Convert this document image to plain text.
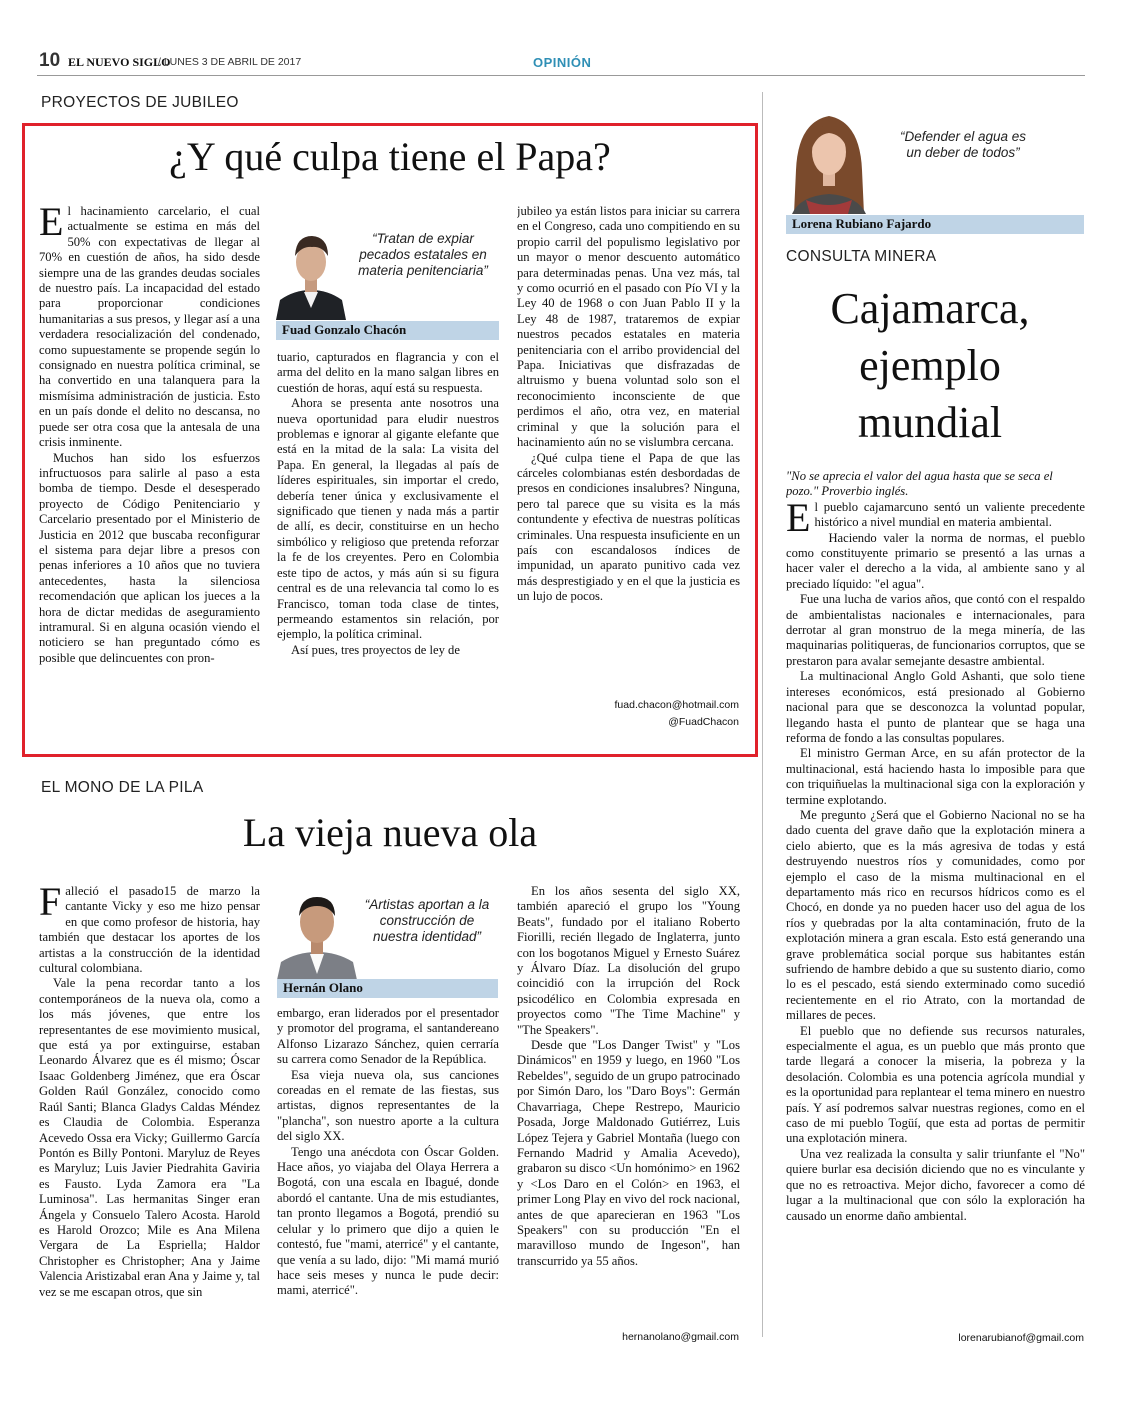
10 EL NUEVO SIGLO
/ LUNES 3 DE ABRIL DE 2017	OPINIÓN
PROYECTOS DE JUBILEO
¿Y qué culpa tiene el Papa?
E l hacinamiento carcelario, el cual actualmente se estima en más del 50% con expectativas de llegar al 70% en cuestión de años, ha sido desde siempre una de las grandes deudas sociales de nuestro país. La incapacidad del estado para proporcionar condiciones humanitarias a sus presos, y llegar así a una verdadera resocialización del condenado, como supuestamente se propende según lo consignado en nuestra política criminal, se ha convertido en una talanquera para la mismísima administración de justicia. Esto en un país donde el delito no descansa, no puede ser otra cosa que la antesala de una crisis inminente.

Muchos han sido los esfuerzos infructuosos para salirle al paso a esta bomba de tiempo. Desde el desesperado proyecto de Código Penitenciario y Carcelario presentado por el Ministerio de Justicia en 2012 que buscaba reconfigurar el sistema para dejar libre a presos con penas inferiores a 10 años que no tuviera antecedentes, hasta la silenciosa recomendación que aplican los jueces a la hora de dictar medidas de aseguramiento intramural. Si en alguna ocasión viendo el noticiero se han preguntado cómo es posible que delincuentes con pron-

“Tratan de expiar pecados estatales en materia penitenciaria”
Fuad Gonzalo Chacón

tuario, capturados en flagrancia y con el arma del delito en la mano salgan libres en cuestión de horas, aquí está su respuesta.

Ahora se presenta ante nosotros una nueva oportunidad para eludir nuestros problemas e ignorar al gigante elefante que está en la mitad de la sala: La visita del Papa. En general, la llegadas al país de líderes espirituales, sin importar el credo, debería tener única y exclusivamente el significado que tienen y nada más a partir de allí, es decir, constituirse en un hecho simbólico y religioso que pretenda reforzar la fe de los creyentes. Pero en Colombia este tipo de actos, y más aún si su figura central es de una relevancia tal como lo es Francisco, toman toda clase de tintes, permeando estamentos sin relación, por ejemplo, la política criminal.

Así pues, tres proyectos de ley de

jubileo ya están listos para iniciar su carrera en el Congreso, cada uno compitiendo en su propio carril del populismo legislativo por un mayor o menor descuento automático para determinadas penas. Una vez más, tal y como ocurrió en el pasado con Pío VI y la Ley 40 de 1968 o con Juan Pablo II y la Ley 48 de 1987, trataremos de expiar nuestros pecados estatales en materia penitenciaria con el arribo providencial del Papa. Iniciativas que disfrazadas de altruismo y buena voluntad solo son el reconocimiento inconsciente de que perdimos el año, otra vez, en material criminal y que la solución para el hacinamiento aún no se vislumbra cercana.

¿Qué culpa tiene el Papa de que las cárceles colombianas estén desbordadas de presos en condiciones insalubres? Ninguna, pero tal parece que su visita es la más contundente y efectiva de nuestras políticas criminales. Una respuesta insuficiente en un país con escandalosos índices de impunidad, un aparato punitivo cada vez más desprestigiado y en el que la justicia es un lujo de pocos.

fuad.chacon@hotmail.com
@FuadChacon
EL MONO DE LA PILA
La vieja nueva ola
F alleció el pasado15 de marzo la cantante Vicky y eso me hizo pensar en que como profesor de historia, hay también que destacar los aportes de los artistas a la construcción de la identidad cultural colombiana.

Vale la pena recordar tanto a los contemporáneos de la nueva ola, como a los más jóvenes, que entre los representantes de ese movimiento musical, que está ya por extinguirse, estaban Leonardo Álvarez que es él mismo; Óscar Isaac Goldenberg Jiménez, que era Óscar Golden Raúl González, conocido como Raúl Santi; Blanca Gladys Caldas Méndez es Claudia de Colombia. Esperanza Acevedo Ossa era Vicky; Guillermo García Pontón es Billy Pontoni. Maryluz de Reyes es Maryluz; Luis Javier Piedrahita Gaviria es Fausto. Lyda Zamora era "La Luminosa". Las hermanitas Singer eran Ángela y Consuelo Talero Acosta. Harold es Harold Orozco; Mile es Ana Milena Vergara de La Espriella; Haldor Christopher es Christopher; Ana y Jaime Valencia Aristizabal eran Ana y Jaime y, tal vez se me escapan otros, que sin

“Artistas aportan a la construcción de nuestra identidad”
Hernán Olano

embargo, eran liderados por el presentador y promotor del programa, el santandereano Alfonso Lizarazo Sánchez, quien cerraría su carrera como Senador de la República.

Esa vieja nueva ola, sus canciones coreadas en el remate de las fiestas, sus artistas, dignos representantes de la "plancha", son nuestro aporte a la cultura del siglo XX.

Tengo una anécdota con Óscar Golden. Hace años, yo viajaba del Olaya Herrera a Bogotá, con una escala en Ibagué, donde abordó el cantante. Una de mis estudiantes, tan pronto llegamos a Bogotá, prendió su celular y lo primero que dijo a quien le contestó, fue "mami, aterricé" y el cantante, que venía a su lado, dijo: "Mi mamá murió hace seis meses y nunca le pude decir: mami, aterricé".

En los años sesenta del siglo XX, también apareció el grupo los "Young Beats", fundado por el italiano Roberto Fiorilli, recién llegado de Inglaterra, junto con los bogotanos Miguel y Ernesto Suárez y Álvaro Díaz. La disolución del grupo coincidió con la irrupción del Rock psicodélico en Colombia expresada en proyectos como "The Time Machine" y "The Speakers".

Desde que "Los Danger Twist" y "Los Dinámicos" en 1959 y luego, en 1960 "Los Rebeldes", seguido de un grupo patrocinado por Simón Daro, los "Daro Boys": Germán Chavarriaga, Chepe Restrepo, Mauricio Posada, Jorge Maldonado Gutiérrez, Luis López Tejera y Gabriel Montaña (luego con Fernando Madrid y Amalia Acevedo), grabaron su disco <Un homónimo> en 1962 y <Los Daro en el Colón> en 1963, el primer Long Play en vivo del rock nacional, antes de que aparecieran en 1963 "Los Speakers" con su producción "En el maravilloso mundo de Ingeson", han transcurrido ya 55 años.

hernanolano@gmail.com
“Defender el agua es un deber de todos”
Lorena Rubiano Fajardo
CONSULTA MINERA
Cajamarca, ejemplo mundial

"No se aprecia el valor del agua hasta que se seca el pozo." Proverbio inglés.

E l pueblo cajamarcuno sentó un valiente precedente histórico a nivel mundial en materia ambiental.

Haciendo valer la norma de normas, el pueblo como constituyente primario se presentó a las urnas a hacer valer el derecho a la vida, al ambiente sano y al preciado líquido: "el agua".

Fue una lucha de varios años, que contó con el respaldo de ambientalistas nacionales e internacionales, para derrotar al gran monstruo de la mega minería, de las maquinarias politiqueras, de funcionarios corruptos, que se prestaron para avalar semejante desastre ambiental.

La multinacional Anglo Gold Ashanti, que solo tiene intereses económicos, está presionado al Gobierno nacional para que se desconozca la voluntad popular, llegando hasta el punto de plantear que se haga una reforma de fondo a las consultas populares.

El ministro German Arce, en su afán protector de la multinacional, está haciendo hasta lo imposible para que con triquiñuelas la multinacional siga con la exploración y termine explotando.

Me pregunto ¿Será que el Gobierno Nacional no se ha dado cuenta del grave daño que la explotación minera a cielo abierto, que es la más agresiva de todas y está destruyendo nuestros ríos y comunidades, como por ejemplo el caso de la misma multinacional en el departamento más rico en recursos hídricos como es el Chocó, en donde ya no pueden hacer uso del agua de los ríos y quebradas por la alta contaminación, fruto de la explotación minera a gran escala. Esto está generando una grave problemática social porque sus habitantes están sufriendo de hambre debido a que su sustento diario, como lo es el pescado, está siendo exterminado como sucedió recientemente en el rio Atrato, con la mortandad de millares de peces.

El pueblo que no defiende sus recursos naturales, especialmente el agua, es un pueblo que más pronto que tarde llegará a conocer la miseria, la pobreza y la desolación. Colombia es una potencia agrícola mundial y es la oportunidad para replantear el tema minero en nuestro país. Y así podremos salvar nuestras regiones, como en el caso de mi pueblo Togüí, que esta ad portas de permitir una explotación minera.

Una vez realizada la consulta y salir triunfante el "No" quiere burlar esa decisión diciendo que no es vinculante y que no es retroactiva. Mejor dicho, favorecer a como dé lugar a la multinacional que con sólo la exploración ha causado un enorme daño ambiental.

lorenarubianof@gmail.com
